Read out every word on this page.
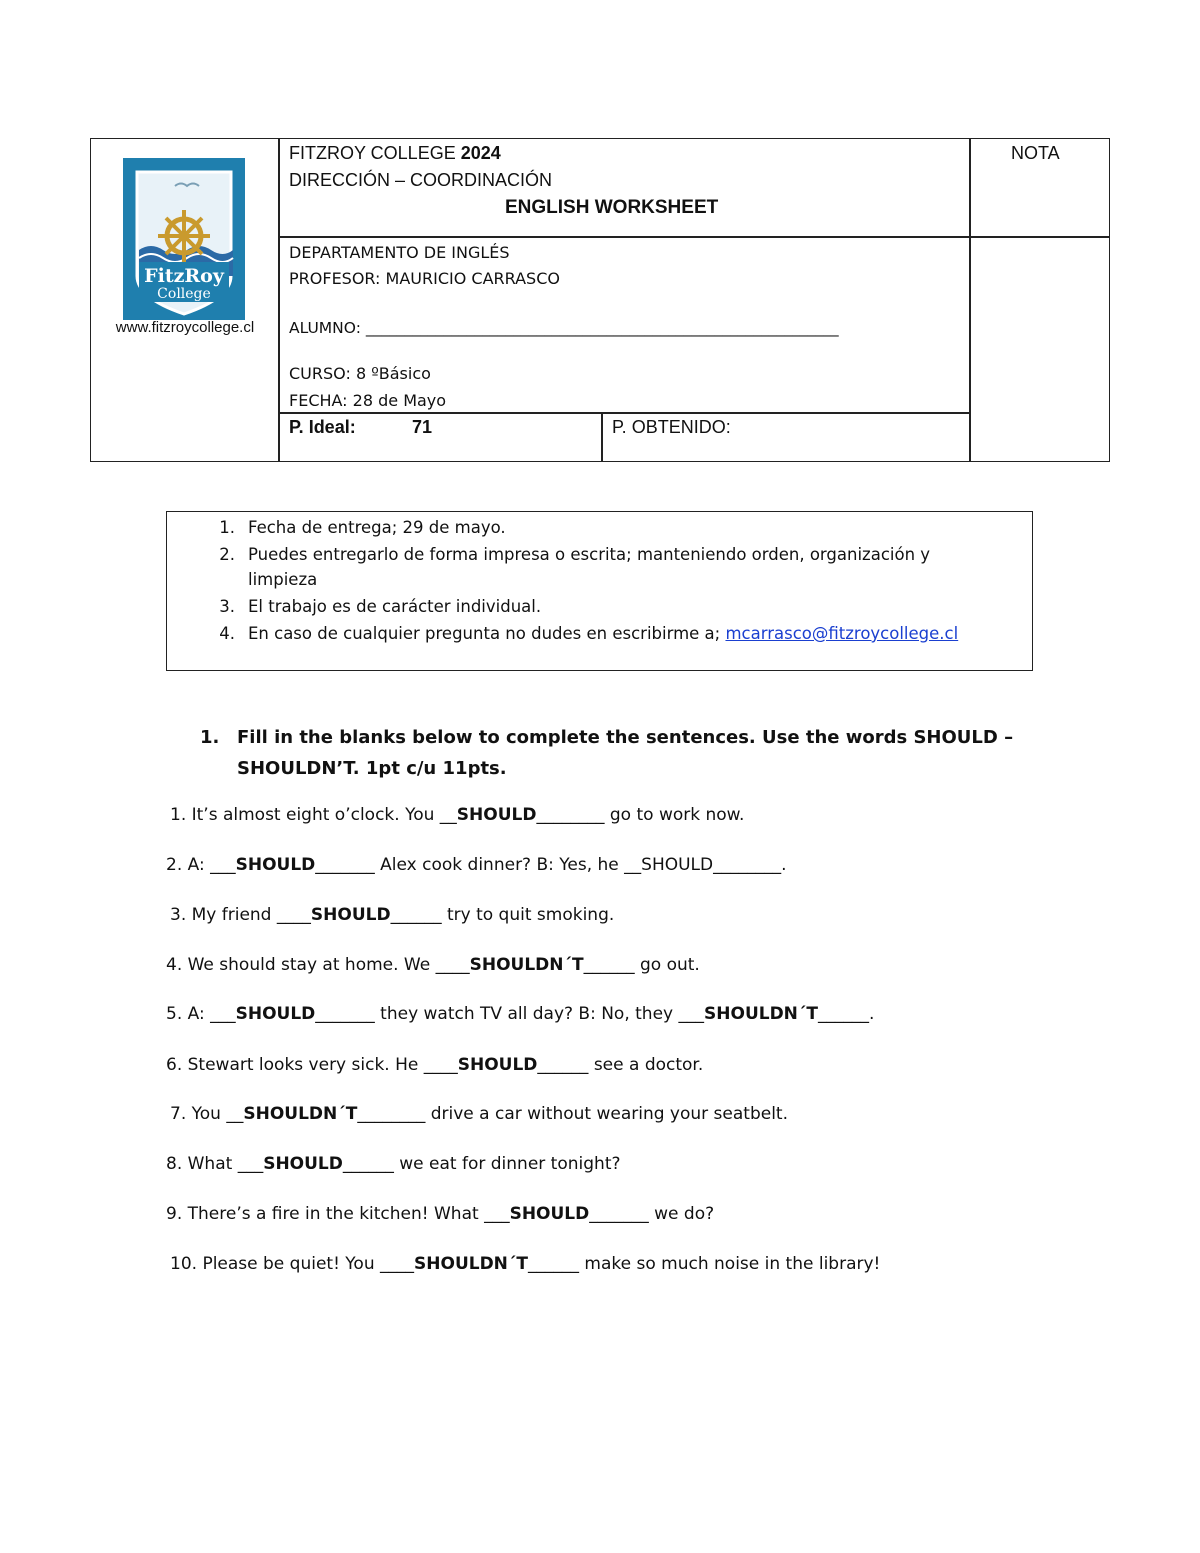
FitzRoy
College
www.fitzroycollege.cl
FITZROY COLLEGE 2024
DIRECCIÓN – COORDINACIÓN
ENGLISH WORKSHEET
NOTA
DEPARTAMENTO DE INGLÉS
PROFESOR: MAURICIO CARRASCO
ALUMNO: _____________________________________________________________
CURSO: 8 ºBásico
FECHA: 28 de Mayo
P. Ideal:	71	P. OBTENIDO:
1. Fecha de entrega; 29 de mayo.
2. Puedes entregarlo de forma impresa o escrita; manteniendo orden, organización y
limpieza
3. El trabajo es de carácter individual.
4. En caso de cualquier pregunta no dudes en escribirme a; mcarrasco@fitzroycollege.cl
1. Fill in the blanks below to complete the sentences. Use the words SHOULD –
SHOULDN’T. 1pt c/u 11pts.
1. It’s almost eight o’clock. You __SHOULD________ go to work now.
2. A: ___SHOULD_______ Alex cook dinner? B: Yes, he __SHOULD________.
3. My friend ____SHOULD______ try to quit smoking.
4. We should stay at home. We ____SHOULDN´T______ go out.
5. A: ___SHOULD_______ they watch TV all day? B: No, they ___SHOULDN´T______.
6. Stewart looks very sick. He ____SHOULD______ see a doctor.
7. You __SHOULDN´T________ drive a car without wearing your seatbelt.
8. What ___SHOULD______ we eat for dinner tonight?
9. There’s a fire in the kitchen! What ___SHOULD_______ we do?
10. Please be quiet! You ____SHOULDN´T______ make so much noise in the library!
